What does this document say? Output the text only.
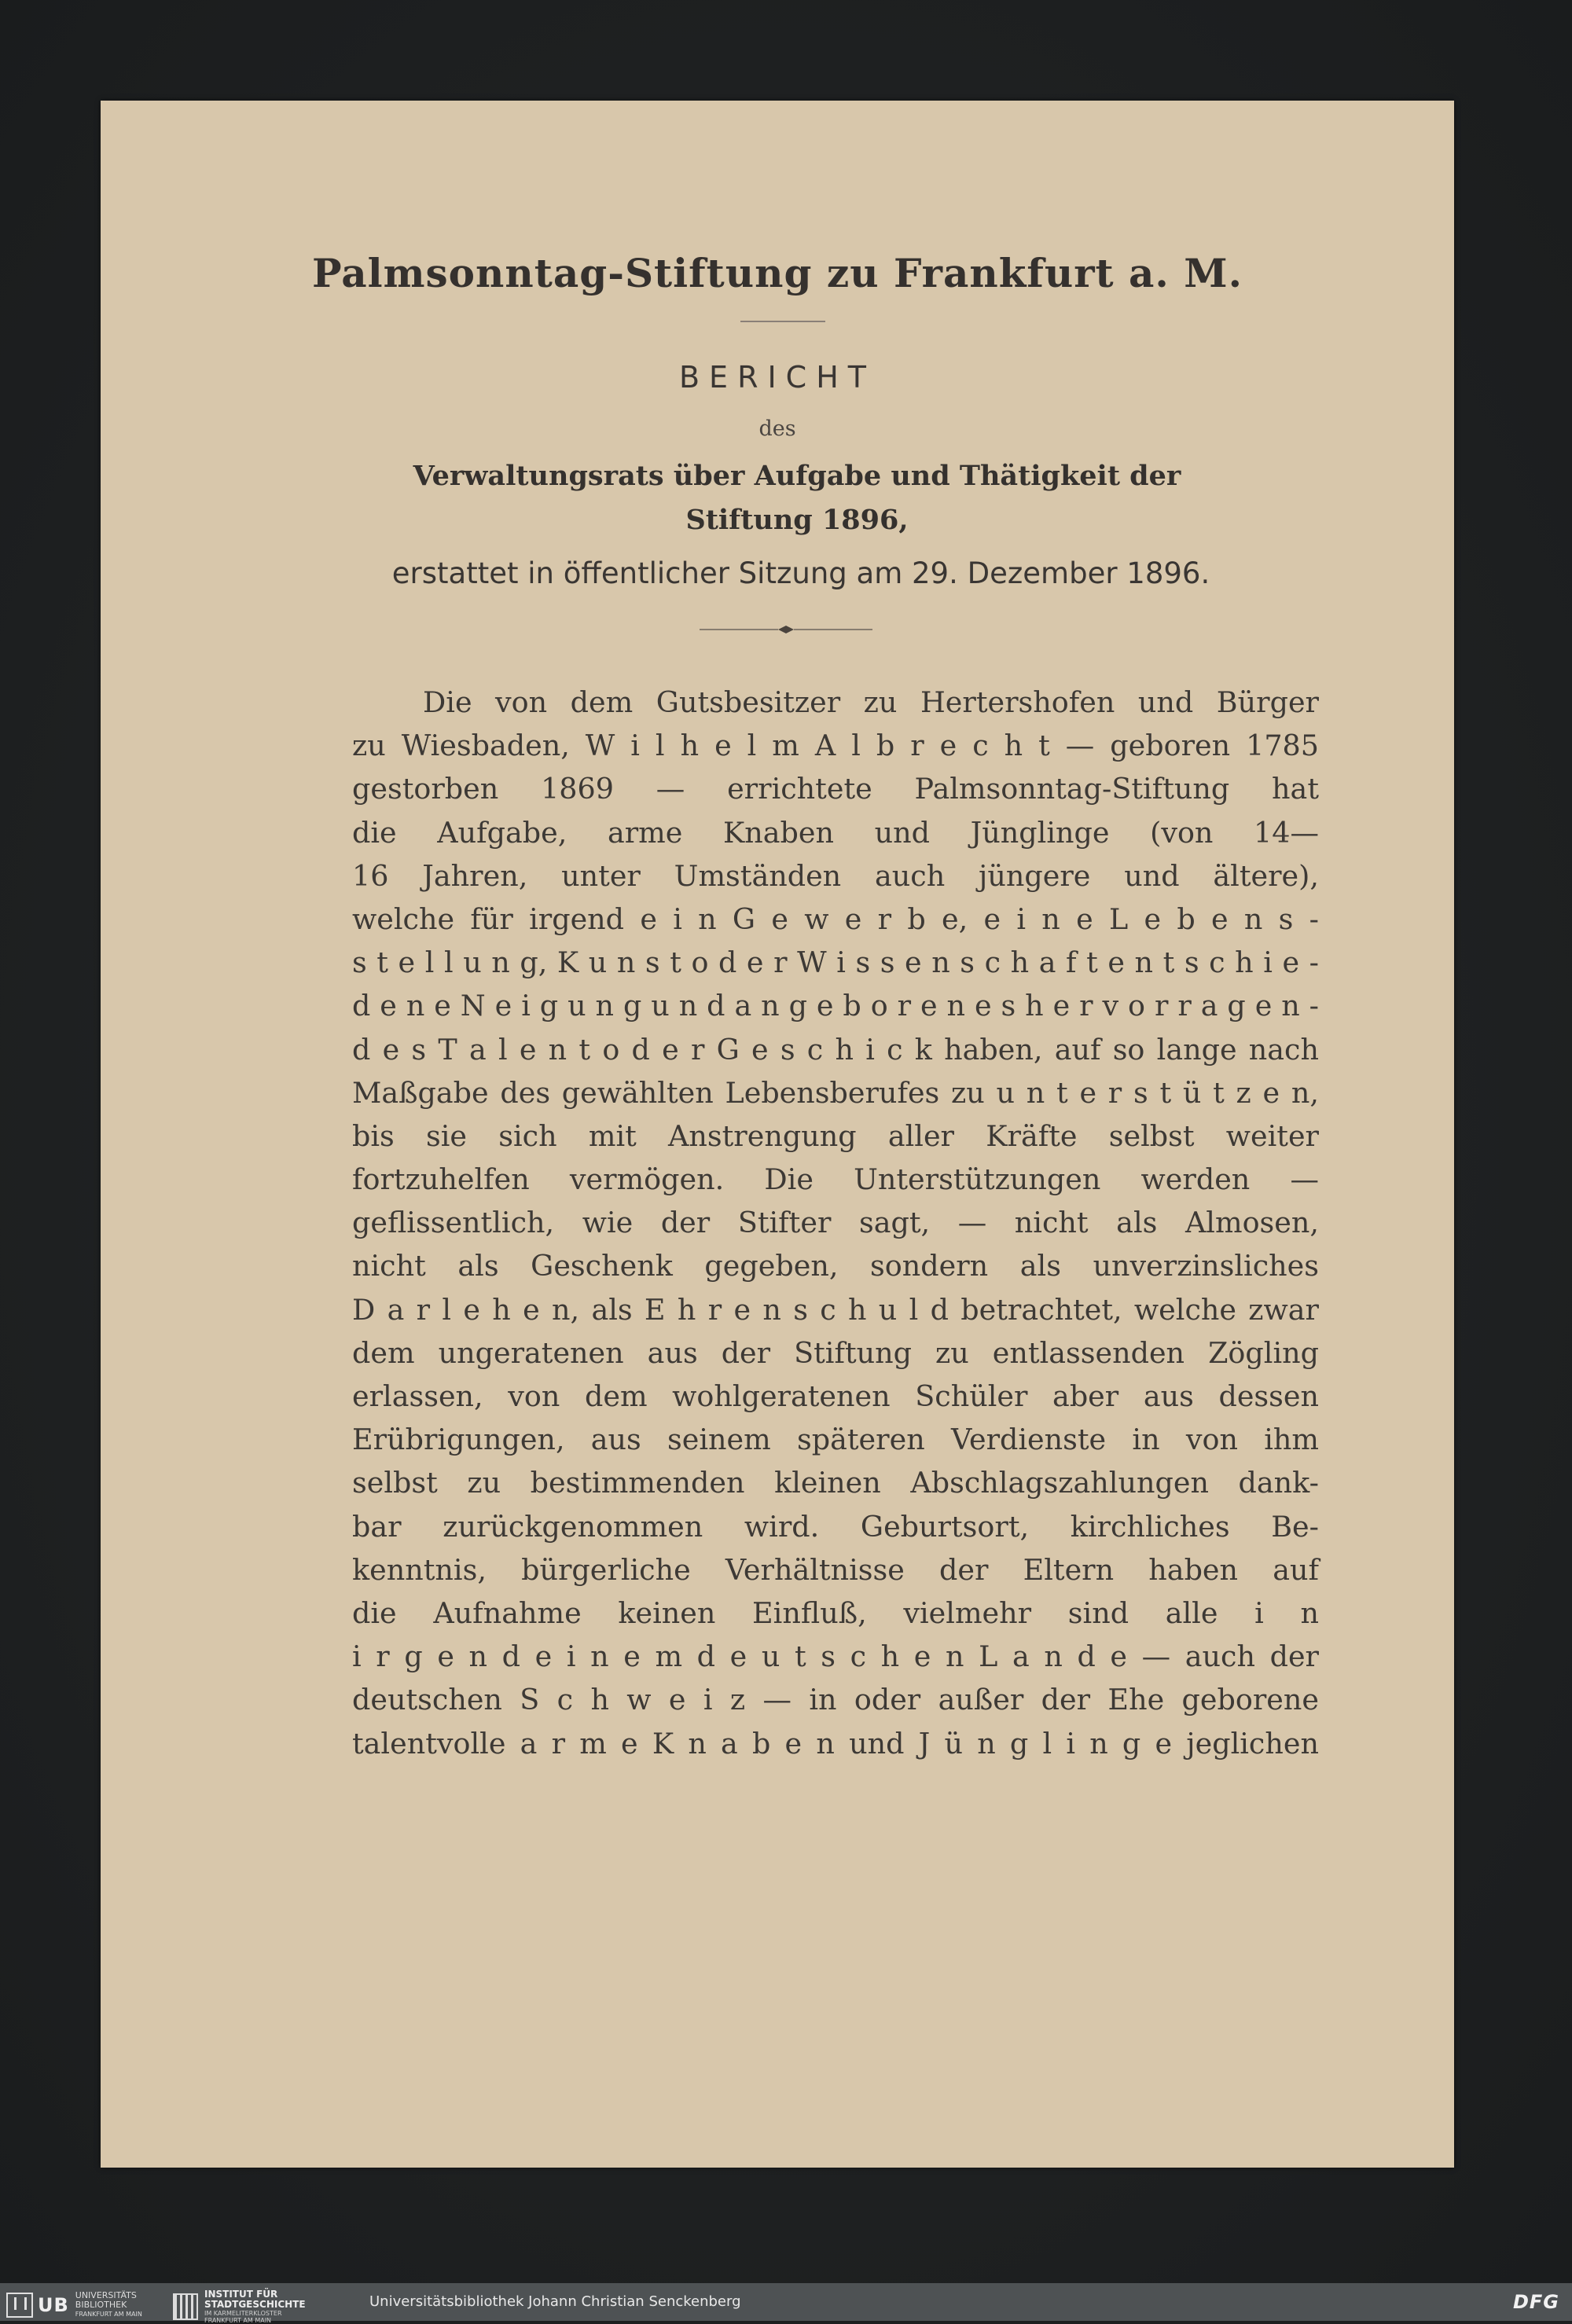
Palmsonntag-Stiftung zu Frankfurt a. M.
BERICHT
des
Verwaltungsrats über Aufgabe und Thätigkeit der
Stiftung 1896,
erstattet in öffentlicher Sitzung am 29. Dezember 1896.
Die von dem Gutsbesitzer zu Hertershofen und Bürger
zu Wiesbaden, W i l h e l m A l b r e c h t — geboren 1785
gestorben 1869 — errichtete Palmsonntag-Stiftung hat
die Aufgabe, arme Knaben und Jünglinge (von 14—
16 Jahren, unter Umständen auch jüngere und ältere),
welche für irgend e i n G e w e r b e, e i n e L e b e n s -
s t e l l u n g, K u n s t o d e r W i s s e n s c h a f t e n t s c h i e -
d e n e N e i g u n g u n d a n g e b o r e n e s h e r v o r r a g e n -
d e s T a l e n t o d e r G e s c h i c k haben, auf so lange nach
Maßgabe des gewählten Lebensberufes zu u n t e r s t ü t z e n,
bis sie sich mit Anstrengung aller Kräfte selbst weiter
fortzuhelfen vermögen. Die Unterstützungen werden —
geflissentlich, wie der Stifter sagt, — nicht als Almosen,
nicht als Geschenk gegeben, sondern als unverzinsliches
D a r l e h e n, als E h r e n s c h u l d betrachtet, welche zwar
dem ungeratenen aus der Stiftung zu entlassenden Zögling
erlassen, von dem wohlgeratenen Schüler aber aus dessen
Erübrigungen, aus seinem späteren Verdienste in von ihm
selbst zu bestimmenden kleinen Abschlagszahlungen dank-
bar zurückgenommen wird. Geburtsort, kirchliches Be-
kenntnis, bürgerliche Verhältnisse der Eltern haben auf
die Aufnahme keinen Einfluß, vielmehr sind alle i n
i r g e n d e i n e m d e u t s c h e n L a n d e — auch der
deutschen S c h w e i z — in oder außer der Ehe geborene
talentvolle a r m e K n a b e n und J ü n g l i n g e jeglichen
UB UNIVERSITÄTS
BIBLIOTHEK
FRANKFURT AM MAIN
INSTITUT FÜR
STADTGESCHICHTE
IM KARMELITERKLOSTER
FRANKFURT AM MAIN
Universitätsbibliothek Johann Christian Senckenberg	DFG
